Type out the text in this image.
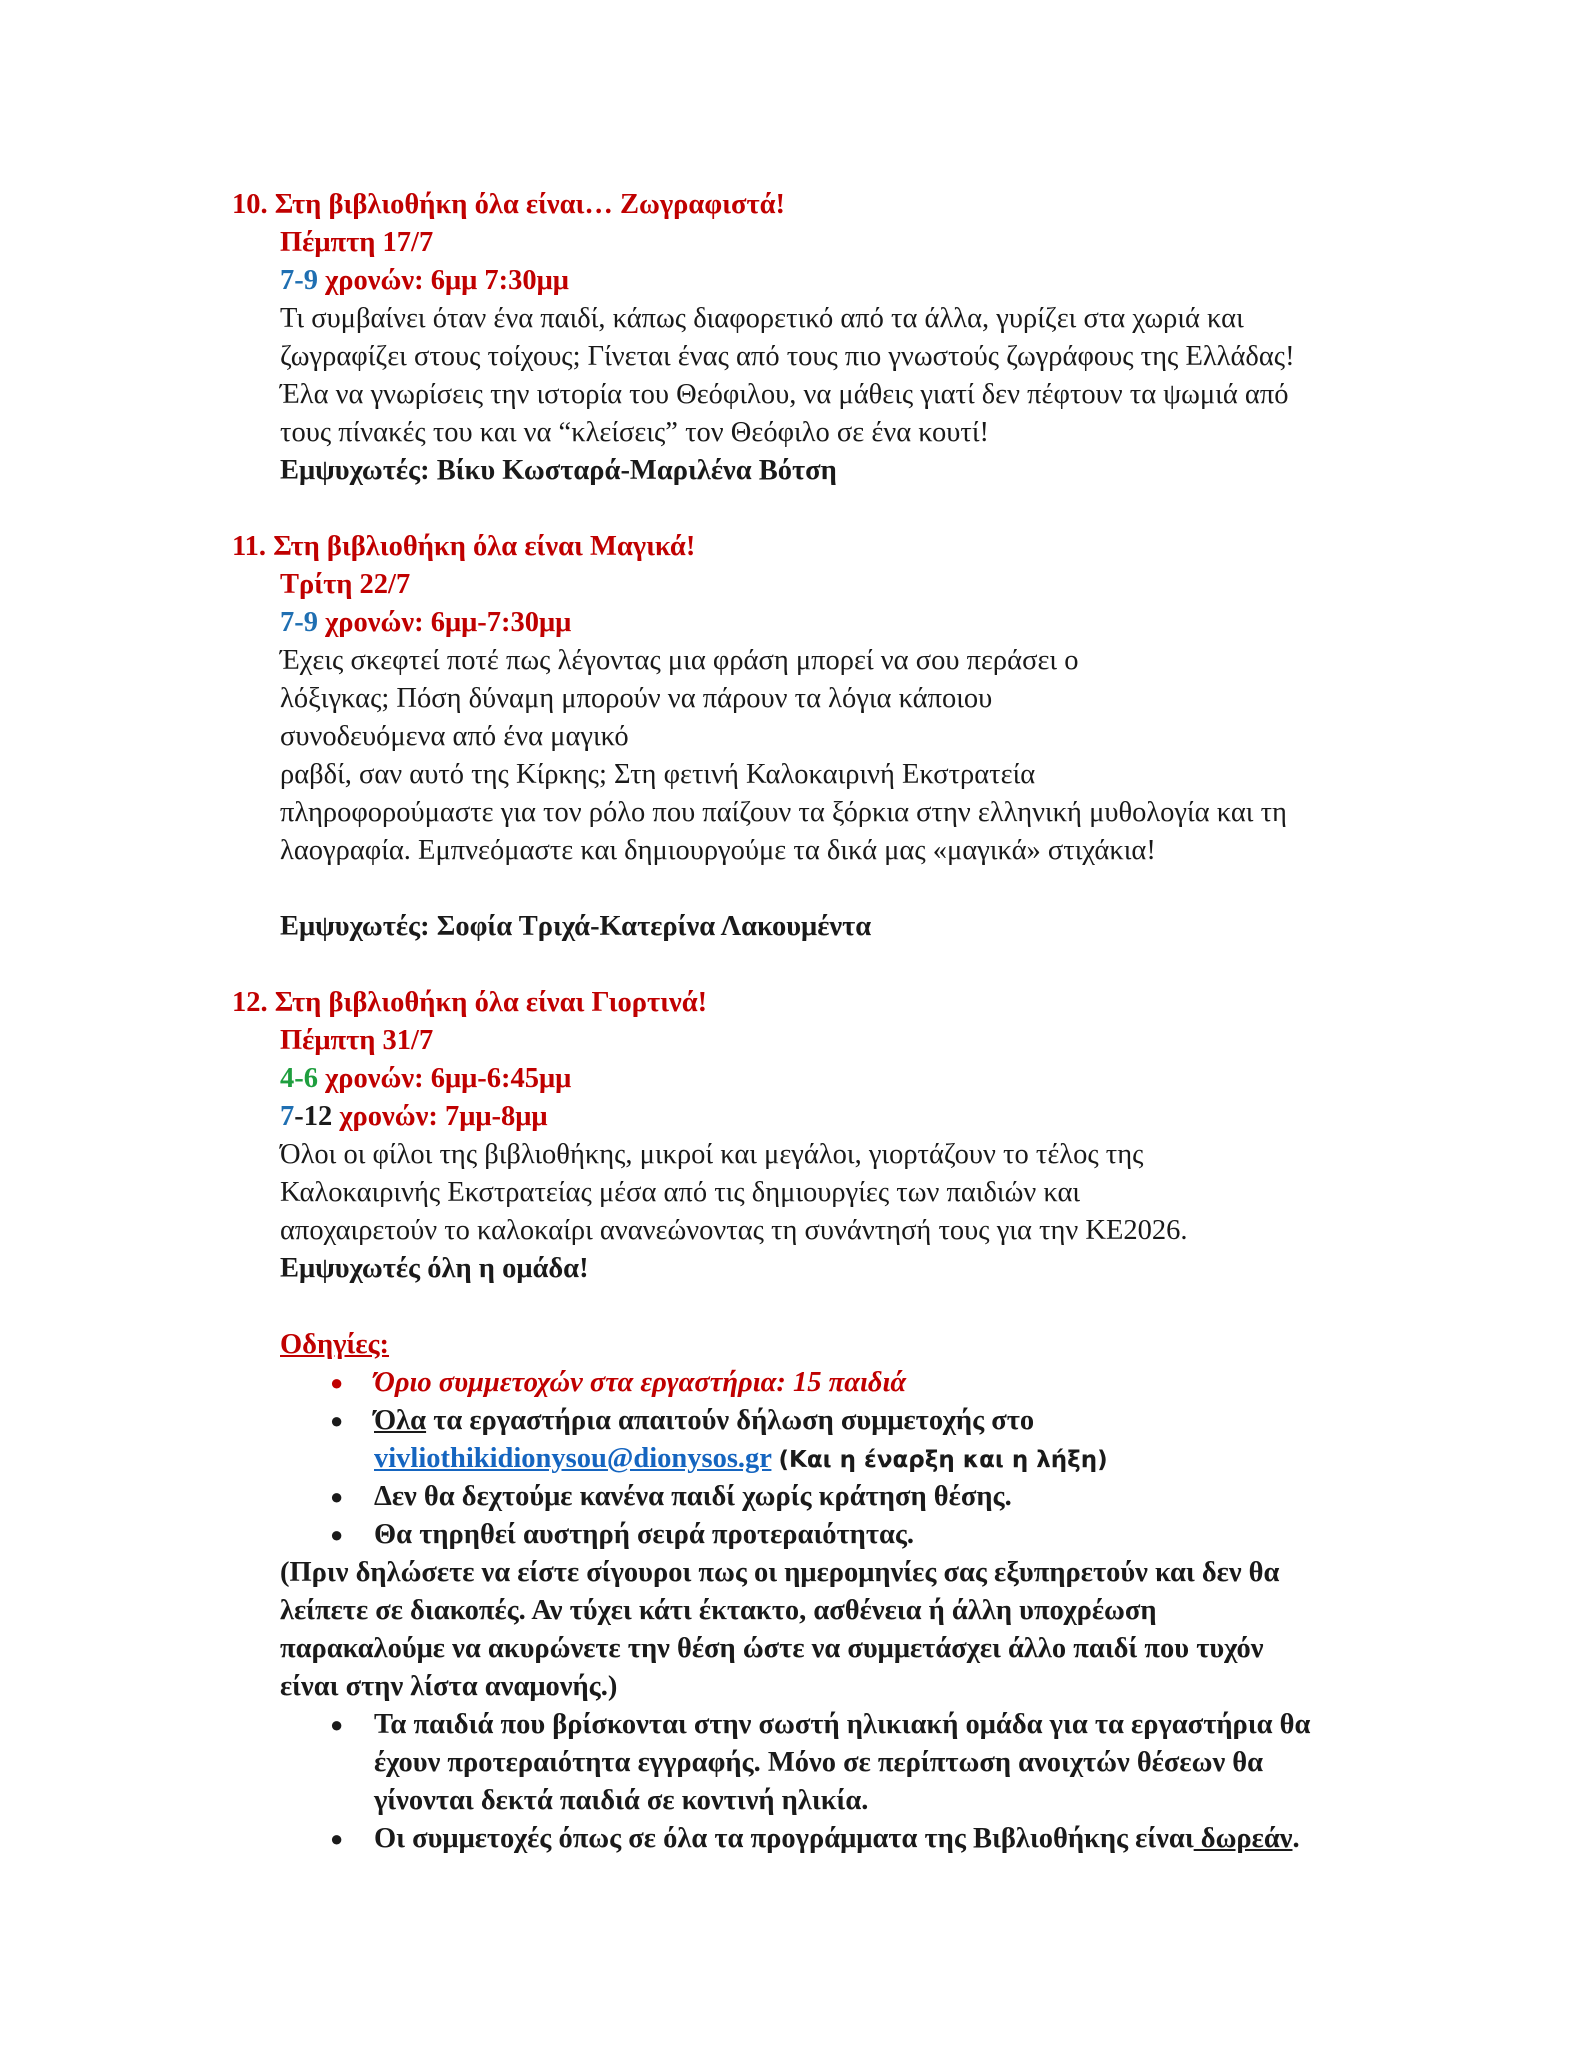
10. Στη βιβλιοθήκη όλα είναι… Ζωγραφιστά!
Πέμπτη 17/7
7-9 χρονών: 6μμ 7:30μμ
Τι συμβαίνει όταν ένα παιδί, κάπως διαφορετικό από τα άλλα, γυρίζει στα χωριά και
ζωγραφίζει στους τοίχους; Γίνεται ένας από τους πιο γνωστούς ζωγράφους της Ελλάδας!
Έλα να γνωρίσεις την ιστορία του Θεόφιλου, να μάθεις γιατί δεν πέφτουν τα ψωμιά από
τους πίνακές του και να “κλείσεις” τον Θεόφιλο σε ένα κουτί!
Εμψυχωτές: Βίκυ Κωσταρά-Μαριλένα Βότση
11. Στη βιβλιοθήκη όλα είναι Μαγικά!
Τρίτη 22/7
7-9 χρονών: 6μμ-7:30μμ
Έχεις σκεφτεί ποτέ πως λέγοντας μια φράση μπορεί να σου περάσει ο
λόξιγκας; Πόση δύναμη μπορούν να πάρουν τα λόγια κάποιου
συνοδευόμενα από ένα μαγικό
ραβδί, σαν αυτό της Κίρκης; Στη φετινή Καλοκαιρινή Εκστρατεία
πληροφορούμαστε για τον ρόλο που παίζουν τα ξόρκια στην ελληνική μυθολογία και τη
λαογραφία. Εμπνεόμαστε και δημιουργούμε τα δικά μας «μαγικά» στιχάκια!
Εμψυχωτές: Σοφία Τριχά-Κατερίνα Λακουμέντα
12. Στη βιβλιοθήκη όλα είναι Γιορτινά!
Πέμπτη 31/7
4-6 χρονών: 6μμ-6:45μμ
7-12 χρονών: 7μμ-8μμ
Όλοι οι φίλοι της βιβλιοθήκης, μικροί και μεγάλοι, γιορτάζουν το τέλος της
Καλοκαιρινής Εκστρατείας μέσα από τις δημιουργίες των παιδιών και
αποχαιρετούν το καλοκαίρι ανανεώνοντας τη συνάντησή τους για την ΚΕ2026.
Εμψυχωτές όλη η ομάδα!
Οδηγίες:
● Όριο συμμετοχών στα εργαστήρια: 15 παιδιά
● Όλα τα εργαστήρια απαιτούν δήλωση συμμετοχής στο
vivliothikidionysou@dionysos.gr (Και η έναρξη και η λήξη)
● Δεν θα δεχτούμε κανένα παιδί χωρίς κράτηση θέσης.
● Θα τηρηθεί αυστηρή σειρά προτεραιότητας.
(Πριν δηλώσετε να είστε σίγουροι πως οι ημερομηνίες σας εξυπηρετούν και δεν θα
λείπετε σε διακοπές. Αν τύχει κάτι έκτακτο, ασθένεια ή άλλη υποχρέωση
παρακαλούμε να ακυρώνετε την θέση ώστε να συμμετάσχει άλλο παιδί που τυχόν
είναι στην λίστα αναμονής.)
● Τα παιδιά που βρίσκονται στην σωστή ηλικιακή ομάδα για τα εργαστήρια θα
έχουν προτεραιότητα εγγραφής. Μόνο σε περίπτωση ανοιχτών θέσεων θα
γίνονται δεκτά παιδιά σε κοντινή ηλικία.
● Οι συμμετοχές όπως σε όλα τα προγράμματα της Βιβλιοθήκης είναι δωρεάν.
